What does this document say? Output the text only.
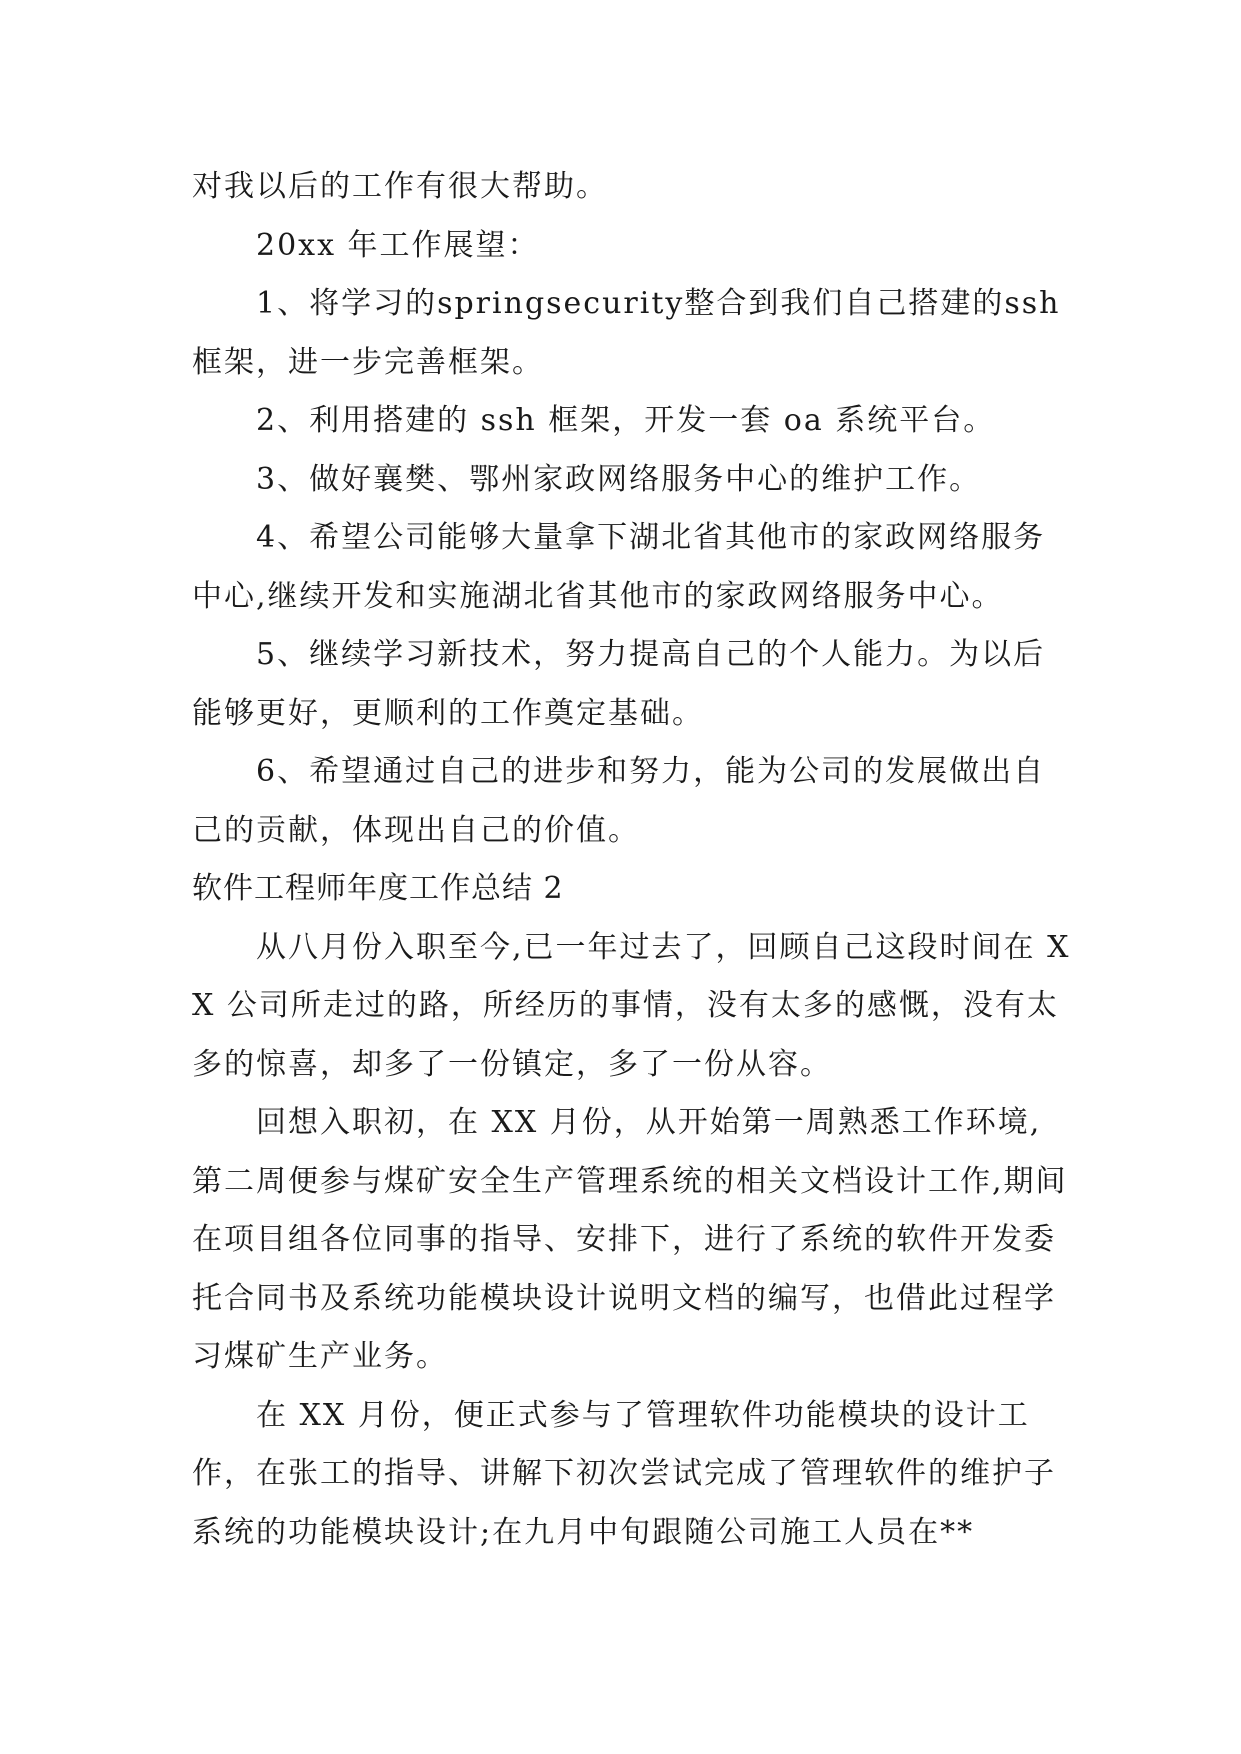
对我以后的工作有很大帮助。

20xx 年工作展望：

1、将学习的springsecurity整合到我们自己搭建的ssh框架，进一步完善框架。

2、利用搭建的 ssh 框架，开发一套 oa 系统平台。

3、做好襄樊、鄂州家政网络服务中心的维护工作。

4、希望公司能够大量拿下湖北省其他市的家政网络服务中心,继续开发和实施湖北省其他市的家政网络服务中心。

5、继续学习新技术，努力提高自己的个人能力。为以后能够更好，更顺利的工作奠定基础。

6、希望通过自己的进步和努力，能为公司的发展做出自己的贡献，体现出自己的价值。

软件工程师年度工作总结 2

从八月份入职至今,已一年过去了，回顾自己这段时间在 XX 公司所走过的路，所经历的事情，没有太多的感慨，没有太多的惊喜，却多了一份镇定，多了一份从容。

回想入职初，在 XX 月份，从开始第一周熟悉工作环境,第二周便参与煤矿安全生产管理系统的相关文档设计工作,期间在项目组各位同事的指导、安排下，进行了系统的软件开发委托合同书及系统功能模块设计说明文档的编写，也借此过程学习煤矿生产业务。

在 XX 月份，便正式参与了管理软件功能模块的设计工作，在张工的指导、讲解下初次尝试完成了管理软件的维护子系统的功能模块设计;在九月中旬跟随公司施工人员在**
